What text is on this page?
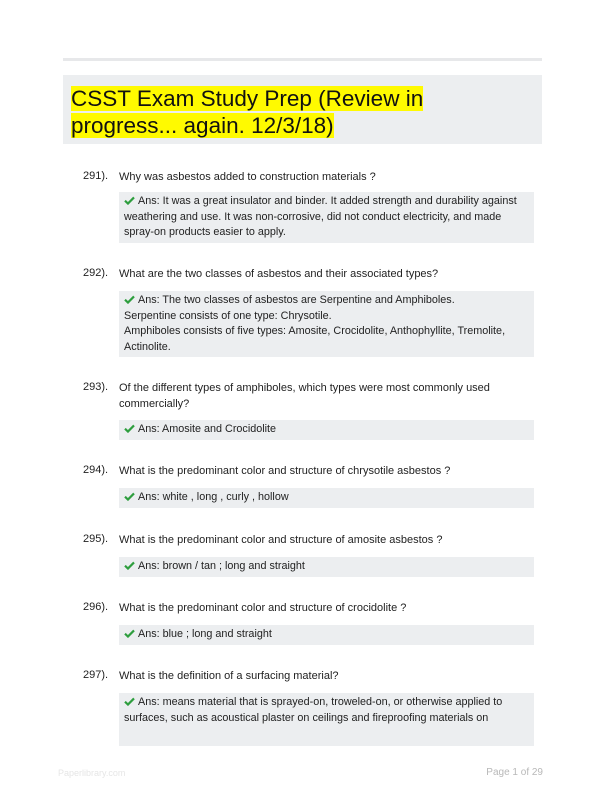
CSST Exam Study Prep (Review in progress... again. 12/3/18)
291). Why was asbestos added to construction materials ?

Ans: It was a great insulator and binder. It added strength and durability against weathering and use. It was non-corrosive, did not conduct electricity, and made spray-on products easier to apply.

292). What are the two classes of asbestos and their associated types?

Ans: The two classes of asbestos are Serpentine and Amphiboles.

Serpentine consists of one type: Chrysotile.

Amphiboles consists of five types: Amosite, Crocidolite, Anthophyllite, Tremolite, Actinolite.

293). Of the different types of amphiboles, which types were most commonly used commercially?

Ans: Amosite and Crocidolite

294). What is the predominant color and structure of chrysotile asbestos ?

Ans: white , long , curly , hollow

295). What is the predominant color and structure of amosite asbestos ?

Ans: brown / tan ; long and straight

296). What is the predominant color and structure of crocidolite ?

Ans: blue ; long and straight

297). What is the definition of a surfacing material?

Ans: means material that is sprayed-on, troweled-on, or otherwise applied to surfaces, such as acoustical plaster on ceilings and fireproofing materials on

Paperlibrary.com	Page 1 of 29
